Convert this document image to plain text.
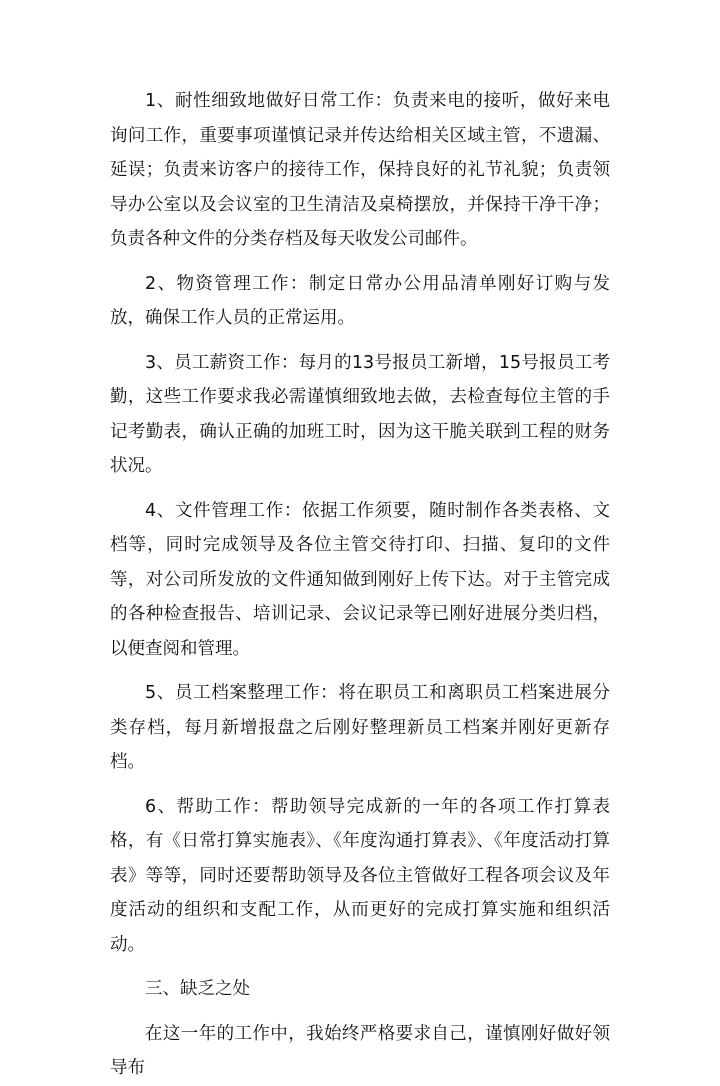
1、耐性细致地做好日常工作：负责来电的接听，做好来电询问工作，重要事项谨慎记录并传达给相关区域主管，不遗漏、延误；负责来访客户的接待工作，保持良好的礼节礼貌；负责领导办公室以及会议室的卫生清洁及桌椅摆放，并保持干净干净；负责各种文件的分类存档及每天收发公司邮件。

2、物资管理工作：制定日常办公用品清单刚好订购与发放，确保工作人员的正常运用。

3、员工薪资工作：每月的13号报员工新增，15号报员工考勤，这些工作要求我必需谨慎细致地去做，去检查每位主管的手记考勤表，确认正确的加班工时，因为这干脆关联到工程的财务状况。

4、文件管理工作：依据工作须要，随时制作各类表格、文档等，同时完成领导及各位主管交待打印、扫描、复印的文件等，对公司所发放的文件通知做到刚好上传下达。对于主管完成的各种检查报告、培训记录、会议记录等已刚好进展分类归档，以便查阅和管理。

5、员工档案整理工作：将在职员工和离职员工档案进展分类存档，每月新增报盘之后刚好整理新员工档案并刚好更新存档。

6、帮助工作：帮助领导完成新的一年的各项工作打算表格，有《日常打算实施表》、《年度沟通打算表》、《年度活动打算表》等等，同时还要帮助领导及各位主管做好工程各项会议及年度活动的组织和支配工作，从而更好的完成打算实施和组织活动。

三、缺乏之处

在这一年的工作中，我始终严格要求自己，谨慎刚好做好领导布
